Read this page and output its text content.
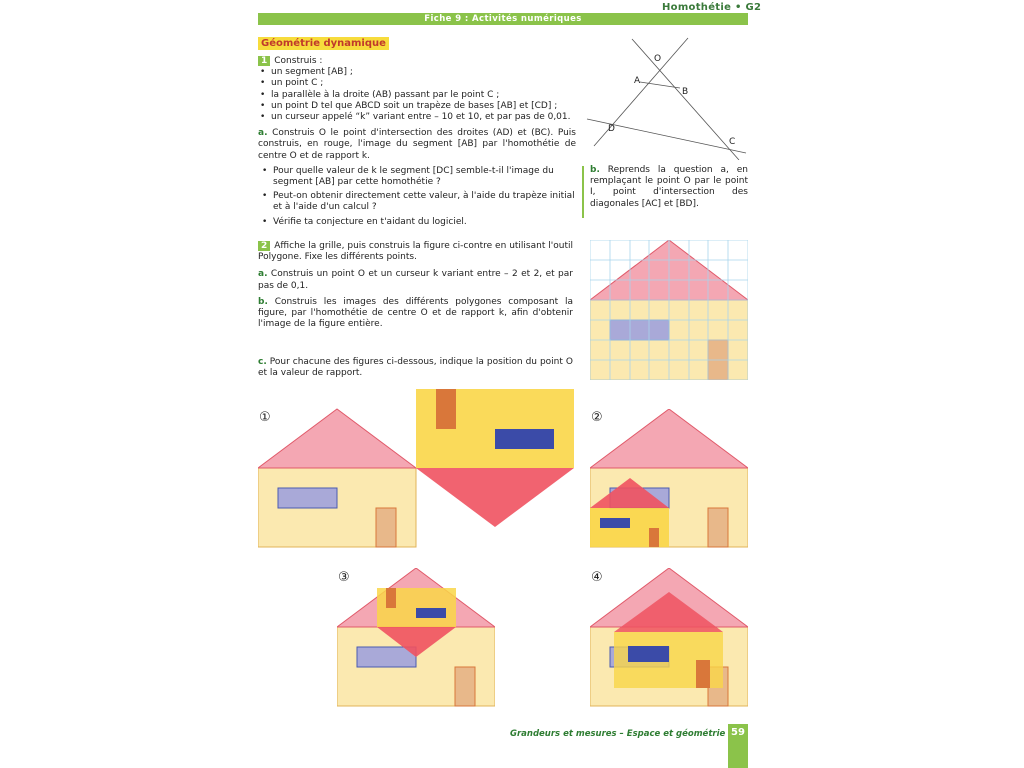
Homothétie • G2
Fiche 9 : Activités numériques
Géométrie dynamique
1 Construis :
• un segment [AB] ;
• un point C ;
• la parallèle à la droite (AB) passant par le point C ;
• un point D tel que ABCD soit un trapèze de bases [AB] et [CD] ;
• un curseur appelé “k” variant entre – 10 et 10, et par pas de 0,01.
a. Construis O le point d'intersection des droites (AD) et (BC). Puis construis, en rouge, l'image du segment [AB] par l'homothétie de centre O et de rapport k.
• Pour quelle valeur de k le segment [DC] semble-t-il l'image du segment [AB] par cette homothétie ?
• Peut-on obtenir directement cette valeur, à l'aide du trapèze initial et à l'aide d'un calcul ?
• Vérifie ta conjecture en t'aidant du logiciel.
O
A
B
D
C
b. Reprends la question a, en remplaçant le point O par le point I, point d'intersection des diagonales [AC] et [BD].
2 Affiche la grille, puis construis la figure ci-contre en utilisant l'outil Polygone. Fixe les différents points.
a. Construis un point O et un curseur k variant entre – 2 et 2, et par pas de 0,1.
b. Construis les images des différents polygones composant la figure, par l'homothétie de centre O et de rapport k, afin d'obtenir l'image de la figure entière.
c. Pour chacune des figures ci-dessous, indique la position du point O et la valeur de rapport.
①	②
③	④
Grandeurs et mesures – Espace et géométrie 59
